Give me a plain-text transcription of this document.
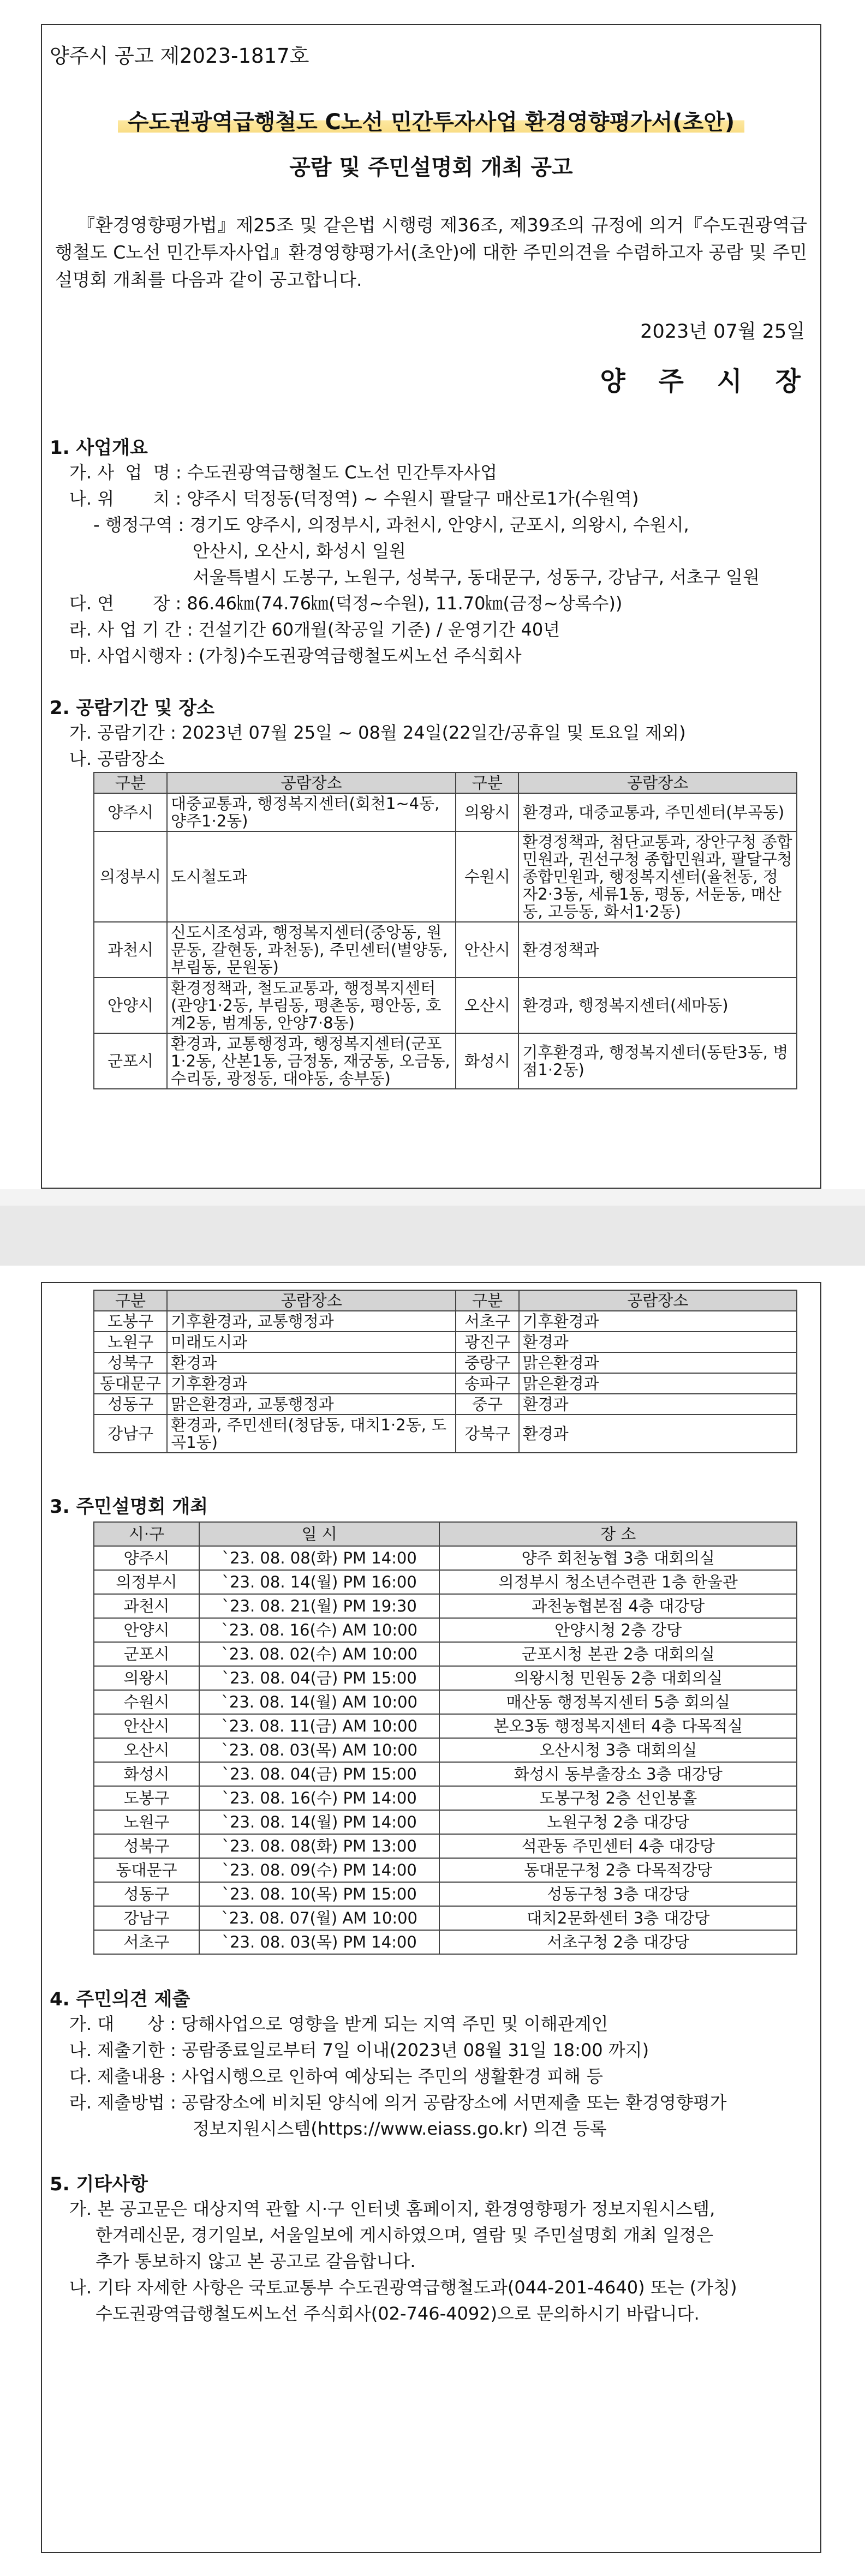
양주시 공고 제2023-1817호
수도권광역급행철도 C노선 민간투자사업 환경영향평가서(초안)
공람 및 주민설명회 개최 공고
『환경영향평가법』제25조 및 같은법 시행령 제36조, 제39조의 규정에 의거『수도권광역급행철도 C노선 민간투자사업』환경영향평가서(초안)에 대한 주민의견을 수렴하고자 공람 및 주민설명회 개최를 다음과 같이 공고합니다.
2023년 07월 25일
양 주 시 장
1. 사업개요
가. 사  업  명 : 수도권광역급행철도 C노선 민간투자사업
나. 위       치 : 양주시 덕정동(덕정역) ~ 수원시 팔달구 매산로1가(수원역)
- 행정구역 : 경기도 양주시, 의정부시, 과천시, 안양시, 군포시, 의왕시, 수원시,
안산시, 오산시, 화성시 일원
서울특별시 도봉구, 노원구, 성북구, 동대문구, 성동구, 강남구, 서초구 일원
다. 연       장 : 86.46㎞(74.76㎞(덕정~수원), 11.70㎞(금정~상록수))
라. 사 업 기 간 : 건설기간 60개월(착공일 기준) / 운영기간 40년
마. 사업시행자 : (가칭)수도권광역급행철도씨노선 주식회사
2. 공람기간 및 장소
가. 공람기간 : 2023년 07월 25일 ~ 08월 24일(22일간/공휴일 및 토요일 제외)
나. 공람장소
구분	공람장소	구분	공람장소
양주시	대중교통과, 행정복지센터(회천1~4동, 양주1·2동)	의왕시	환경과, 대중교통과, 주민센터(부곡동)
의정부시	도시철도과	수원시	환경정책과, 첨단교통과, 장안구청 종합민원과, 권선구청 종합민원과, 팔달구청 종합민원과, 행정복지센터(율천동, 정자2·3동, 세류1동, 평동, 서둔동, 매산동, 고등동, 화서1·2동)
과천시	신도시조성과, 행정복지센터(중앙동, 원문동, 갈현동, 과천동), 주민센터(별양동, 부림동, 문원동)	안산시	환경정책과
안양시	환경정책과, 철도교통과, 행정복지센터(관양1·2동, 부림동, 평촌동, 평안동, 호계2동, 범계동, 안양7·8동)	오산시	환경과, 행정복지센터(세마동)
군포시	환경과, 교통행정과, 행정복지센터(군포1·2동, 산본1동, 금정동, 재궁동, 오금동, 수리동, 광정동, 대야동, 송부동)	화성시	기후환경과, 행정복지센터(동탄3동, 병점1·2동)
구분	공람장소	구분	공람장소
도봉구	기후환경과, 교통행정과	서초구	기후환경과
노원구	미래도시과	광진구	환경과
성북구	환경과	중랑구	맑은환경과
동대문구	기후환경과	송파구	맑은환경과
성동구	맑은환경과, 교통행정과	중구	환경과
강남구	환경과, 주민센터(청담동, 대치1·2동, 도곡1동)	강북구	환경과
3. 주민설명회 개최
시·구	일 시	장 소
양주시	`23. 08. 08(화) PM 14:00	양주 회천농협 3층 대회의실
의정부시	`23. 08. 14(월) PM 16:00	의정부시 청소년수련관 1층 한울관
과천시	`23. 08. 21(월) PM 19:30	과천농협본점 4층 대강당
안양시	`23. 08. 16(수) AM 10:00	안양시청 2층 강당
군포시	`23. 08. 02(수) AM 10:00	군포시청 본관 2층 대회의실
의왕시	`23. 08. 04(금) PM 15:00	의왕시청 민원동 2층 대회의실
수원시	`23. 08. 14(월) AM 10:00	매산동 행정복지센터 5층 회의실
안산시	`23. 08. 11(금) AM 10:00	본오3동 행정복지센터 4층 다목적실
오산시	`23. 08. 03(목) AM 10:00	오산시청 3층 대회의실
화성시	`23. 08. 04(금) PM 15:00	화성시 동부출장소 3층 대강당
도봉구	`23. 08. 16(수) PM 14:00	도봉구청 2층 선인봉홀
노원구	`23. 08. 14(월) PM 14:00	노원구청 2층 대강당
성북구	`23. 08. 08(화) PM 13:00	석관동 주민센터 4층 대강당
동대문구	`23. 08. 09(수) PM 14:00	동대문구청 2층 다목적강당
성동구	`23. 08. 10(목) PM 15:00	성동구청 3층 대강당
강남구	`23. 08. 07(월) AM 10:00	대치2문화센터 3층 대강당
서초구	`23. 08. 03(목) PM 14:00	서초구청 2층 대강당
4. 주민의견 제출
가. 대      상 : 당해사업으로 영향을 받게 되는 지역 주민 및 이해관계인
나. 제출기한 : 공람종료일로부터 7일 이내(2023년 08월 31일 18:00 까지)
다. 제출내용 : 사업시행으로 인하여 예상되는 주민의 생활환경 피해 등
라. 제출방법 : 공람장소에 비치된 양식에 의거 공람장소에 서면제출 또는 환경영향평가
정보지원시스템(https://www.eiass.go.kr) 의견 등록
5. 기타사항
가. 본 공고문은 대상지역 관할 시·구 인터넷 홈페이지, 환경영향평가 정보지원시스템,
한겨레신문, 경기일보, 서울일보에 게시하였으며, 열람 및 주민설명회 개최 일정은
추가 통보하지 않고 본 공고로 갈음합니다.
나. 기타 자세한 사항은 국토교통부 수도권광역급행철도과(044-201-4640) 또는 (가칭)
수도권광역급행철도씨노선 주식회사(02-746-4092)으로 문의하시기 바랍니다.
